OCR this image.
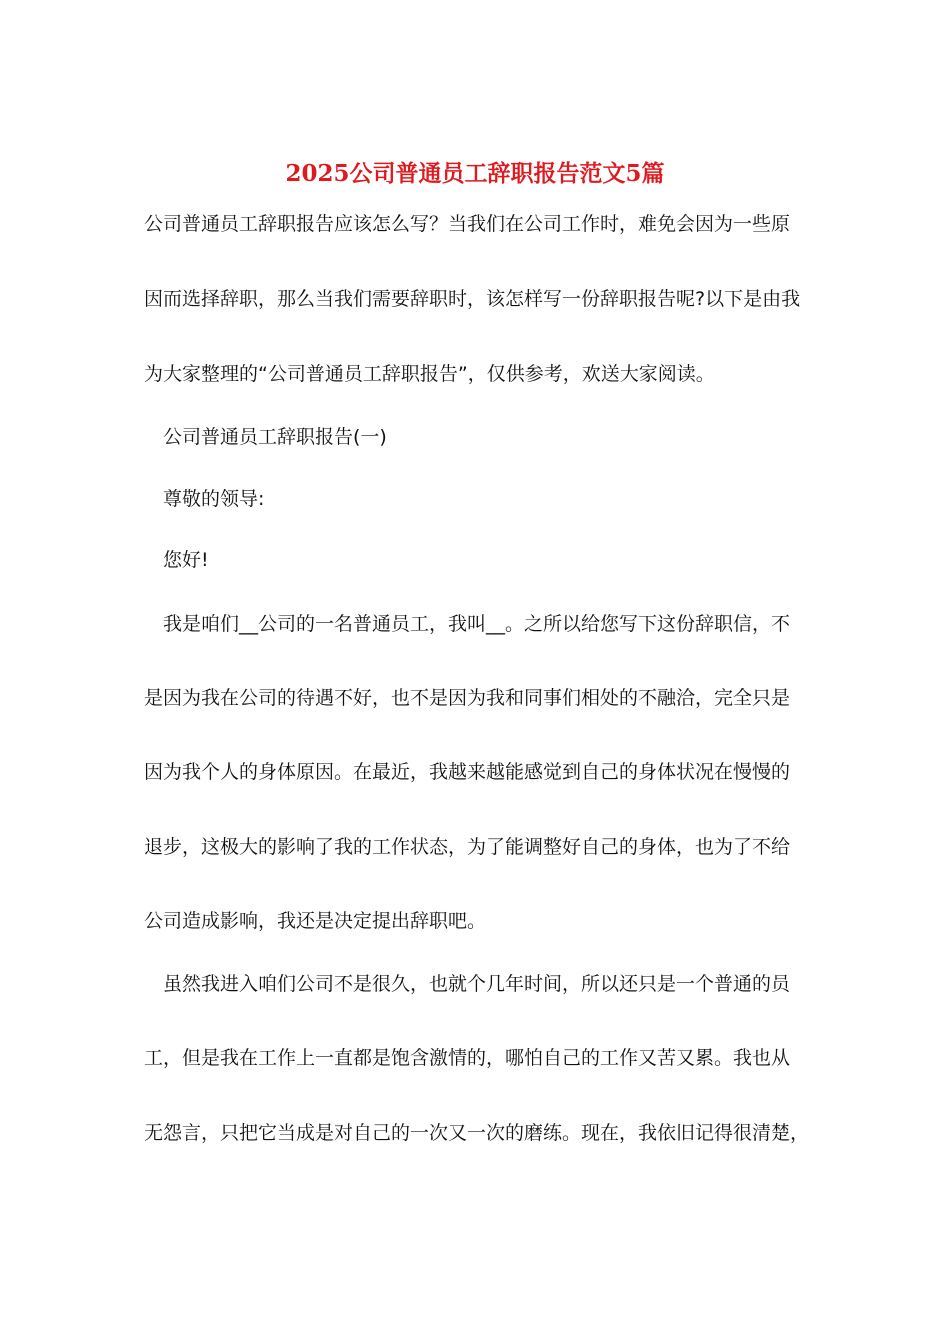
2025公司普通员工辞职报告范文5篇
公司普通员工辞职报告应该怎么写？当我们在公司工作时，难免会因为一些原
因而选择辞职，那么当我们需要辞职时，该怎样写一份辞职报告呢?以下是由我
为大家整理的“公司普通员工辞职报告”，仅供参考，欢送大家阅读。
公司普通员工辞职报告(一)
尊敬的领导:
您好!
我是咱们__公司的一名普通员工，我叫__。之所以给您写下这份辞职信，不
是因为我在公司的待遇不好，也不是因为我和同事们相处的不融洽，完全只是
因为我个人的身体原因。在最近，我越来越能感觉到自己的身体状况在慢慢的
退步，这极大的影响了我的工作状态，为了能调整好自己的身体，也为了不给
公司造成影响，我还是决定提出辞职吧。
虽然我进入咱们公司不是很久，也就个几年时间，所以还只是一个普通的员
工，但是我在工作上一直都是饱含激情的，哪怕自己的工作又苦又累。我也从
无怨言，只把它当成是对自己的一次又一次的磨练。现在，我依旧记得很清楚，
